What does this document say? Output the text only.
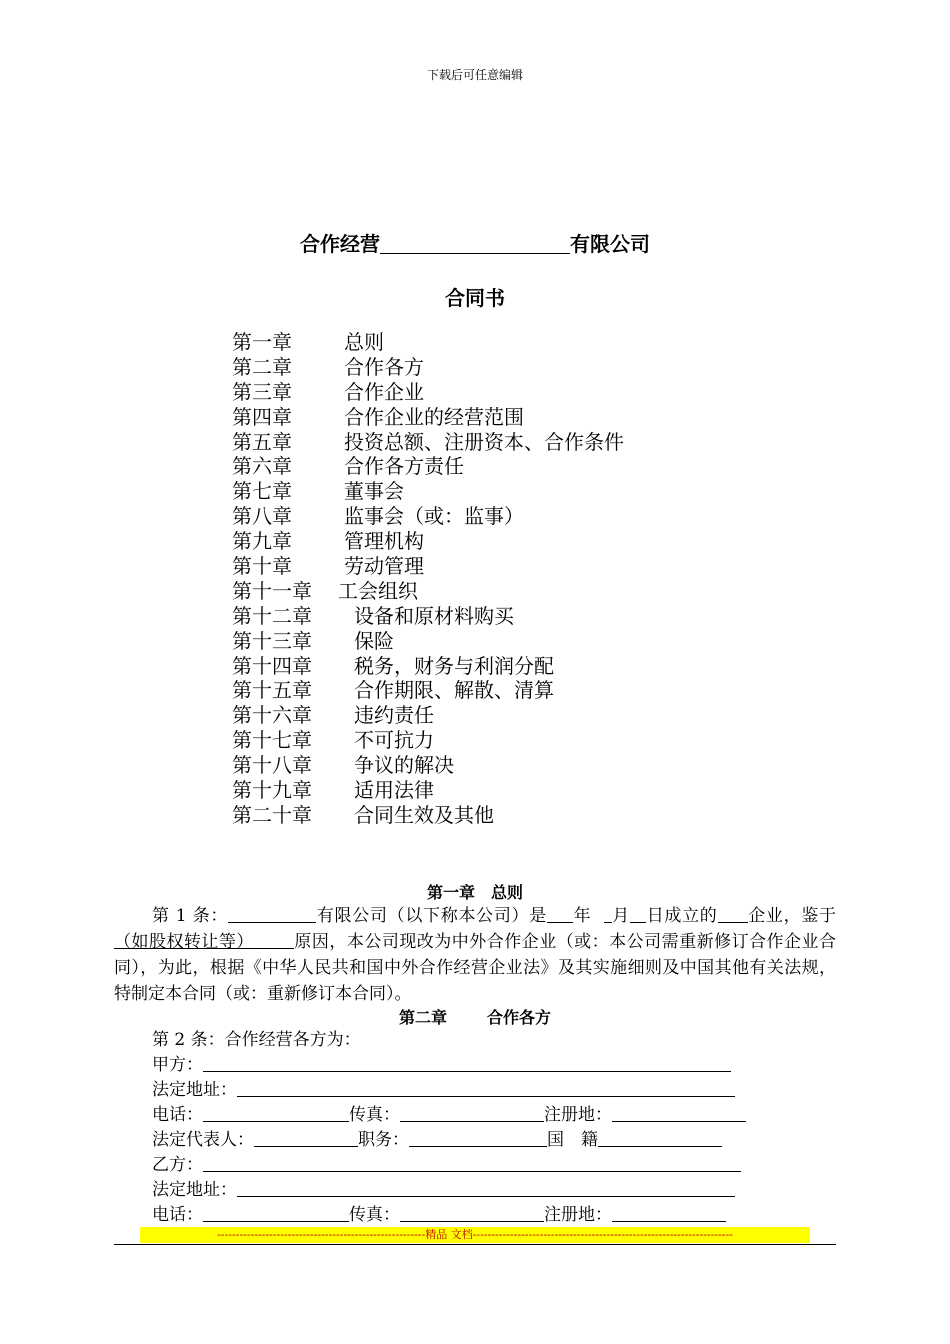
下载后可任意编辑
合作经营	有限公司
合同书
第一章	总则
第二章	合作各方
第三章	合作企业
第四章	合作企业的经营范围
第五章	投资总额、注册资本、合作条件
第六章	合作各方责任
第七章	董事会
第八章	监事会（或：监事）
第九章	管理机构
第十章	劳动管理
第十一章 工会组织
第十二章 设备和原材料购买
第十三章 保险
第十四章 税务，财务与利润分配
第十五章 合作期限、解散、清算
第十六章 违约责任
第十七章 不可抗力
第十八章 争议的解决
第十九章 适用法律
第二十章 合同生效及其他
第一章　总则
第 1 条：	有限公司（以下称本公司）是 年 月 日成立的 企业，鉴于（如股权转让等） 原因，本公司现改为中外合作企业（或：本公司需重新修订合作企业合同），为此，根据《中华人民共和国中外合作经营企业法》及其实施细则及中国其他有关法规，特制定本合同（或：重新修订本合同）。
第二章	合作各方
第 2 条：合作经营各方为：
甲方：
法定地址：
电话：	传真：	注册地：
法定代表人：	职务：	国　籍
乙方：
法定地址：
电话：	传真：	注册地：
--------------------------------------------------------精品 文档----------------------------------------------------------------------
